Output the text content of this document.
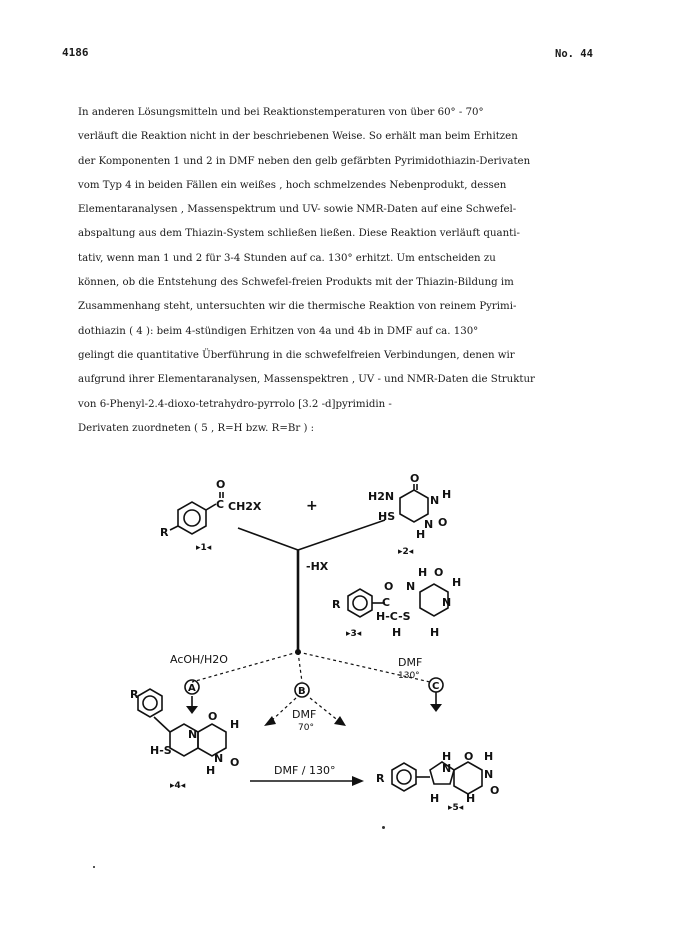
4186	No. 44
In anderen Lösungsmitteln und bei Reaktionstemperaturen von über 60° - 70°
verläuft die Reaktion nicht in der beschriebenen Weise. So erhält man beim Erhitzen
der Komponenten 1 und 2 in DMF neben den gelb gefärbten Pyrimidothiazin-Derivaten
vom Typ 4 in beiden Fällen ein weißes , hoch schmelzendes Nebenprodukt, dessen
Elementaranalysen , Massenspektrum und UV- sowie NMR-Daten auf eine Schwefel-
abspaltung aus dem Thiazin-System schließen ließen. Diese Reaktion verläuft quanti-
tativ, wenn man 1 und 2 für 3-4 Stunden auf ca. 130° erhitzt. Um entscheiden zu
können, ob die Entstehung des Schwefel-freien Produkts mit der Thiazin-Bildung im
Zusammenhang steht, untersuchten wir die thermische Reaktion von reinem Pyrimi-
dothiazin ( 4 ): beim 4-stündigen Erhitzen von 4a und 4b in DMF auf ca. 130°
gelingt die quantitative Überführung in die schwefelfreien Verbindungen, denen wir
aufgrund ihrer Elementaranalysen, Massenspektren , UV - und NMR-Daten die Struktur
von 6-Phenyl-2.4-dioxo-tetrahydro-pyrrolo [3.2 -d]pyrimidin -
Derivaten zuordneten ( 5 , R=H bzw. R=Br ) :
R
O
C CH2X	+
O
H2N	N H
HS
N O
H
▸1◂	▸2◂
-HX	H O
H
O N
R	C	N
H-C-S
H	H
▸3◂
AcOH/H2O	DMF
130°
A	B	C
DMF
70°
R
O
H
N
H-S
N O
H
▸4◂
DMF / 130°
R
H O H
N	N
O
H H
▸5◂
